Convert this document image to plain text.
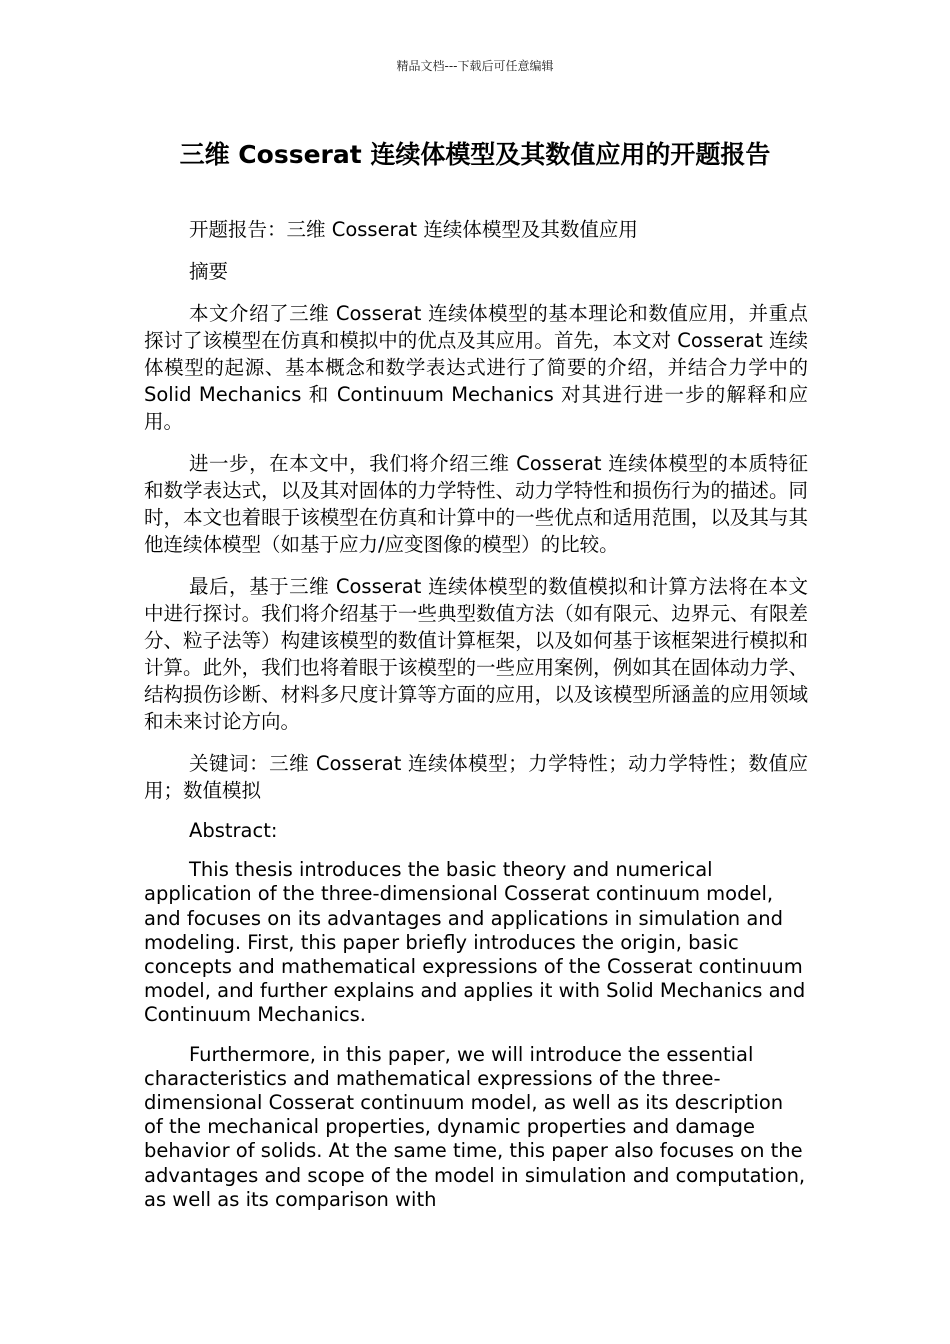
精品文档---下载后可任意编辑
三维 Cosserat 连续体模型及其数值应用的开题报告

开题报告：三维 Cosserat 连续体模型及其数值应用

摘要

本文介绍了三维 Cosserat 连续体模型的基本理论和数值应用，并重点探讨了该模型在仿真和模拟中的优点及其应用。首先，本文对 Cosserat 连续体模型的起源、基本概念和数学表达式进行了简要的介绍，并结合力学中的 Solid Mechanics 和 Continuum Mechanics 对其进行进一步的解释和应用。

进一步，在本文中，我们将介绍三维 Cosserat 连续体模型的本质特征和数学表达式，以及其对固体的力学特性、动力学特性和损伤行为的描述。同时，本文也着眼于该模型在仿真和计算中的一些优点和适用范围，以及其与其他连续体模型（如基于应力/应变图像的模型）的比较。

最后，基于三维 Cosserat 连续体模型的数值模拟和计算方法将在本文中进行探讨。我们将介绍基于一些典型数值方法（如有限元、边界元、有限差分、粒子法等）构建该模型的数值计算框架，以及如何基于该框架进行模拟和计算。此外，我们也将着眼于该模型的一些应用案例，例如其在固体动力学、结构损伤诊断、材料多尺度计算等方面的应用，以及该模型所涵盖的应用领域和未来讨论方向。

关键词：三维 Cosserat 连续体模型；力学特性；动力学特性；数值应用；数值模拟

Abstract:

This thesis introduces the basic theory and numerical application of the three-dimensional Cosserat continuum model, and focuses on its advantages and applications in simulation and modeling. First, this paper briefly introduces the origin, basic concepts and mathematical expressions of the Cosserat continuum model, and further explains and applies it with Solid Mechanics and Continuum Mechanics.

Furthermore, in this paper, we will introduce the essential characteristics and mathematical expressions of the three-dimensional Cosserat continuum model, as well as its description of the mechanical properties, dynamic properties and damage behavior of solids. At the same time, this paper also focuses on the advantages and scope of the model in simulation and computation, as well as its comparison with
